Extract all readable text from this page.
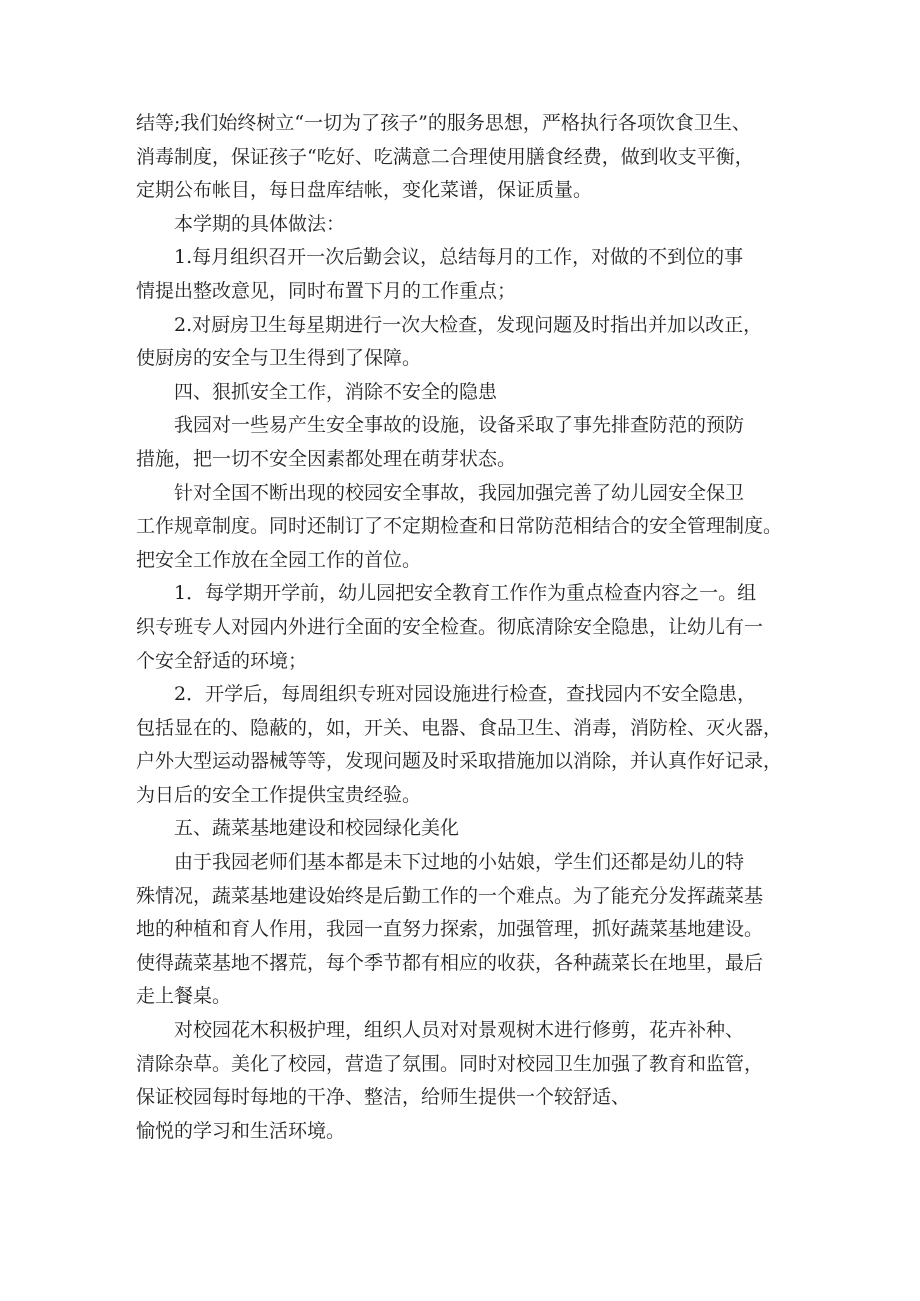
结等;我们始终树立“一切为了孩子”的服务思想，严格执行各项饮食卫生、
消毒制度，保证孩子“吃好、吃满意二合理使用膳食经费，做到收支平衡，
定期公布帐目，每日盘库结帐，变化菜谱，保证质量。
本学期的具体做法：
1.每月组织召开一次后勤会议，总结每月的工作，对做的不到位的事
情提出整改意见，同时布置下月的工作重点；
2.对厨房卫生每星期进行一次大检查，发现问题及时指出并加以改正，
使厨房的安全与卫生得到了保障。
四、狠抓安全工作，消除不安全的隐患
我园对一些易产生安全事故的设施，设备采取了事先排查防范的预防
措施，把一切不安全因素都处理在萌芽状态。
针对全国不断出现的校园安全事故，我园加强完善了幼儿园安全保卫
工作规章制度。同时还制订了不定期检查和日常防范相结合的安全管理制度。
把安全工作放在全园工作的首位。
1．每学期开学前，幼儿园把安全教育工作作为重点检查内容之一。组
织专班专人对园内外进行全面的安全检查。彻底清除安全隐患，让幼儿有一
个安全舒适的环境；
2．开学后，每周组织专班对园设施进行检查，查找园内不安全隐患，
包括显在的、隐蔽的，如，开关、电器、食品卫生、消毒，消防栓、灭火器，
户外大型运动器械等等，发现问题及时采取措施加以消除，并认真作好记录，
为日后的安全工作提供宝贵经验。
五、蔬菜基地建设和校园绿化美化
由于我园老师们基本都是未下过地的小姑娘，学生们还都是幼儿的特
殊情况，蔬菜基地建设始终是后勤工作的一个难点。为了能充分发挥蔬菜基
地的种植和育人作用，我园一直努力探索，加强管理，抓好蔬菜基地建设。
使得蔬菜基地不撂荒，每个季节都有相应的收获，各种蔬菜长在地里，最后
走上餐桌。
对校园花木积极护理，组织人员对对景观树木进行修剪，花卉补种、
清除杂草。美化了校园，营造了氛围。同时对校园卫生加强了教育和监管，
保证校园每时每地的干净、整洁，给师生提供一个较舒适、
愉悦的学习和生活环境。
